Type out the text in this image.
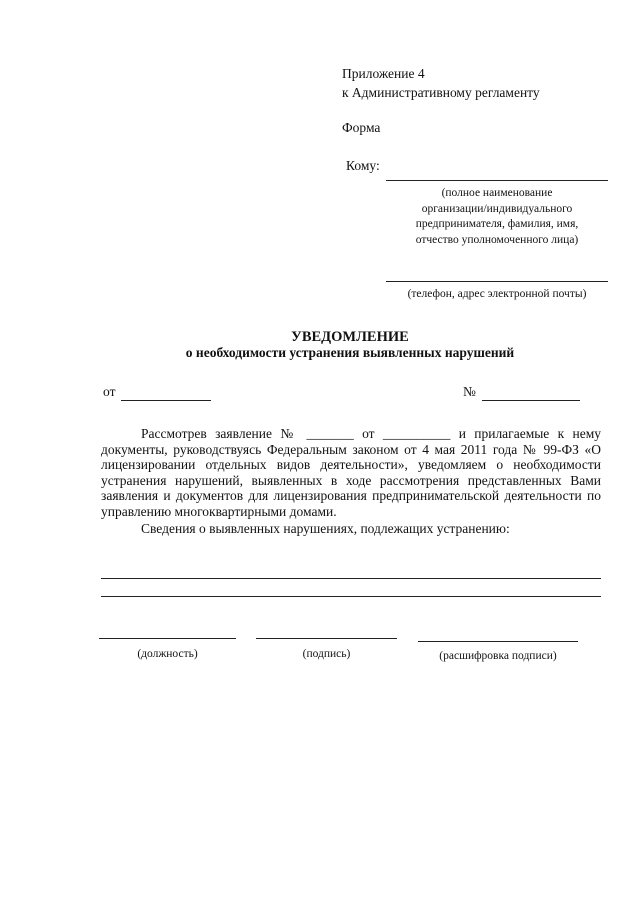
Приложение 4
к Административному регламенту
Форма
Кому:
(полное наименование
организации/индивидуального
предпринимателя, фамилия, имя,
отчество уполномоченного лица)
(телефон, адрес электронной почты)
УВЕДОМЛЕНИЕ
о необходимости устранения выявленных нарушений
от	№

Рассмотрев заявление № _______ от __________ и прилагаемые к нему документы, руководствуясь Федеральным законом от 4 мая 2011 года № 99-ФЗ «О лицензировании отдельных видов деятельности», уведомляем о необходимости устранения нарушений, выявленных в ходе рассмотрения представленных Вами заявления и документов для лицензирования предпринимательской деятельности по управлению многоквартирными домами.

Сведения о выявленных нарушениях, подлежащих устранению:

(должность)	(подпись)	(расшифровка подписи)
